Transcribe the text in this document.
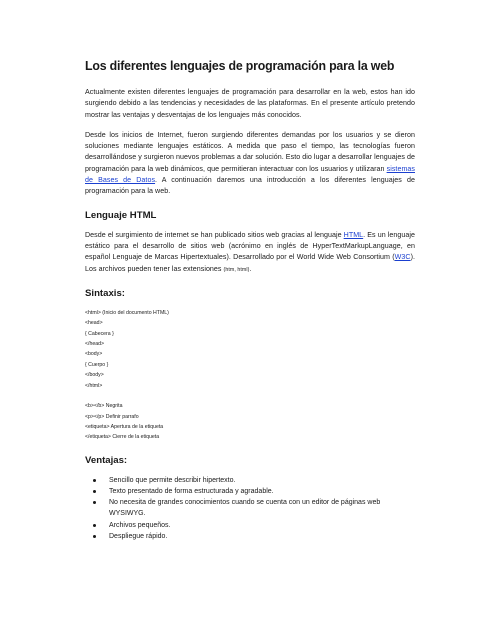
Los diferentes lenguajes de programación para la web

Actualmente existen diferentes lenguajes de programación para desarrollar en la web, estos han ido surgiendo debido a las tendencias y necesidades de las plataformas. En el presente artículo pretendo mostrar las ventajas y desventajas de los lenguajes más conocidos.

Desde los inicios de Internet, fueron surgiendo diferentes demandas por los usuarios y se dieron soluciones mediante lenguajes estáticos. A medida que paso el tiempo, las tecnologías fueron desarrollándose y surgieron nuevos problemas a dar solución. Esto dio lugar a desarrollar lenguajes de programación para la web dinámicos, que permitieran interactuar con los usuarios y utilizaran sistemas de Bases de Datos. A continuación daremos una introducción a los diferentes lenguajes de programación para la web.

Lenguaje HTML

Desde el surgimiento de internet se han publicado sitios web gracias al lenguaje HTML. Es un lenguaje estático para el desarrollo de sitios web (acrónimo en inglés de HyperTextMarkupLanguage, en español Lenguaje de Marcas Hipertextuales). Desarrollado por el World Wide Web Consortium (W3C). Los archivos pueden tener las extensiones (htm, html).

Sintaxis:
<html> (Inicio del documento HTML)
<head>
{ Cabecera }
</head>
<body>
{ Cuerpo }
</body>
</html>
<b></b> Negrita
<p></p> Definir parrafo
<etiqueta> Apertura de la etiqueta
</etiqueta> Cierre de la etiqueta
Ventajas:
Sencillo que permite describir hipertexto.
Texto presentado de forma estructurada y agradable.
No necesita de grandes conocimientos cuando se cuenta con un editor de páginas web WYSIWYG.
Archivos pequeños.
Despliegue rápido.
